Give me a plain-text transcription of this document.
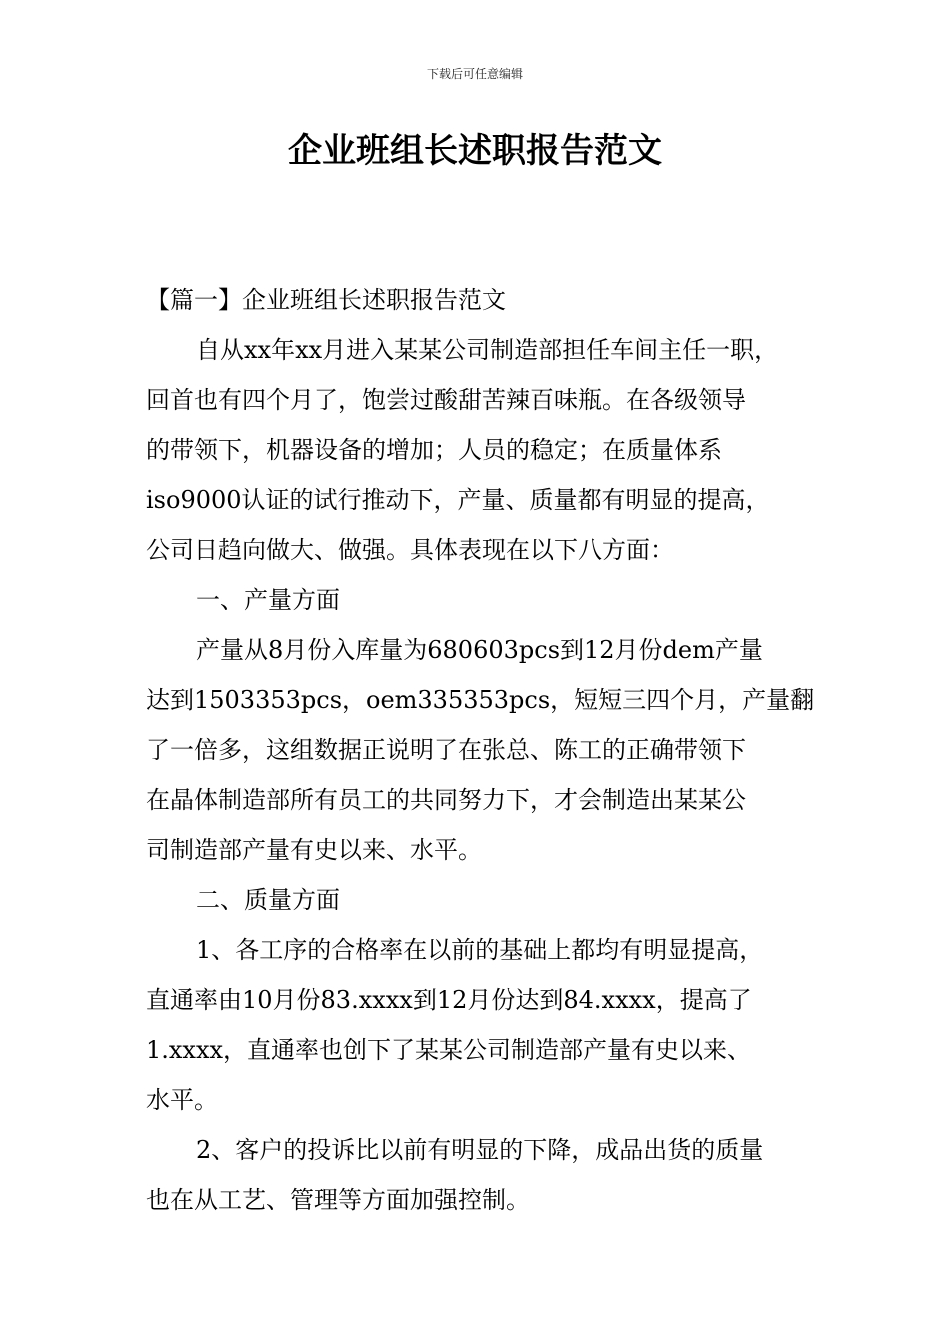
下载后可任意编辑
企业班组长述职报告范文
【篇一】企业班组长述职报告范文
自从xx年xx月进入某某公司制造部担任车间主任一职，
回首也有四个月了，饱尝过酸甜苦辣百味瓶。在各级领导
的带领下，机器设备的增加；人员的稳定；在质量体系
iso9000认证的试行推动下，产量、质量都有明显的提高，
公司日趋向做大、做强。具体表现在以下八方面：
一、产量方面
产量从8月份入库量为680603pcs到12月份dem产量
达到1503353pcs，oem335353pcs，短短三四个月，产量翻
了一倍多，这组数据正说明了在张总、陈工的正确带领下
在晶体制造部所有员工的共同努力下，才会制造出某某公
司制造部产量有史以来、水平。
二、质量方面
1、各工序的合格率在以前的基础上都均有明显提高，
直通率由10月份83.xxxx到12月份达到84.xxxx，提高了
1.xxxx，直通率也创下了某某公司制造部产量有史以来、
水平。
2、客户的投诉比以前有明显的下降，成品出货的质量
也在从工艺、管理等方面加强控制。
